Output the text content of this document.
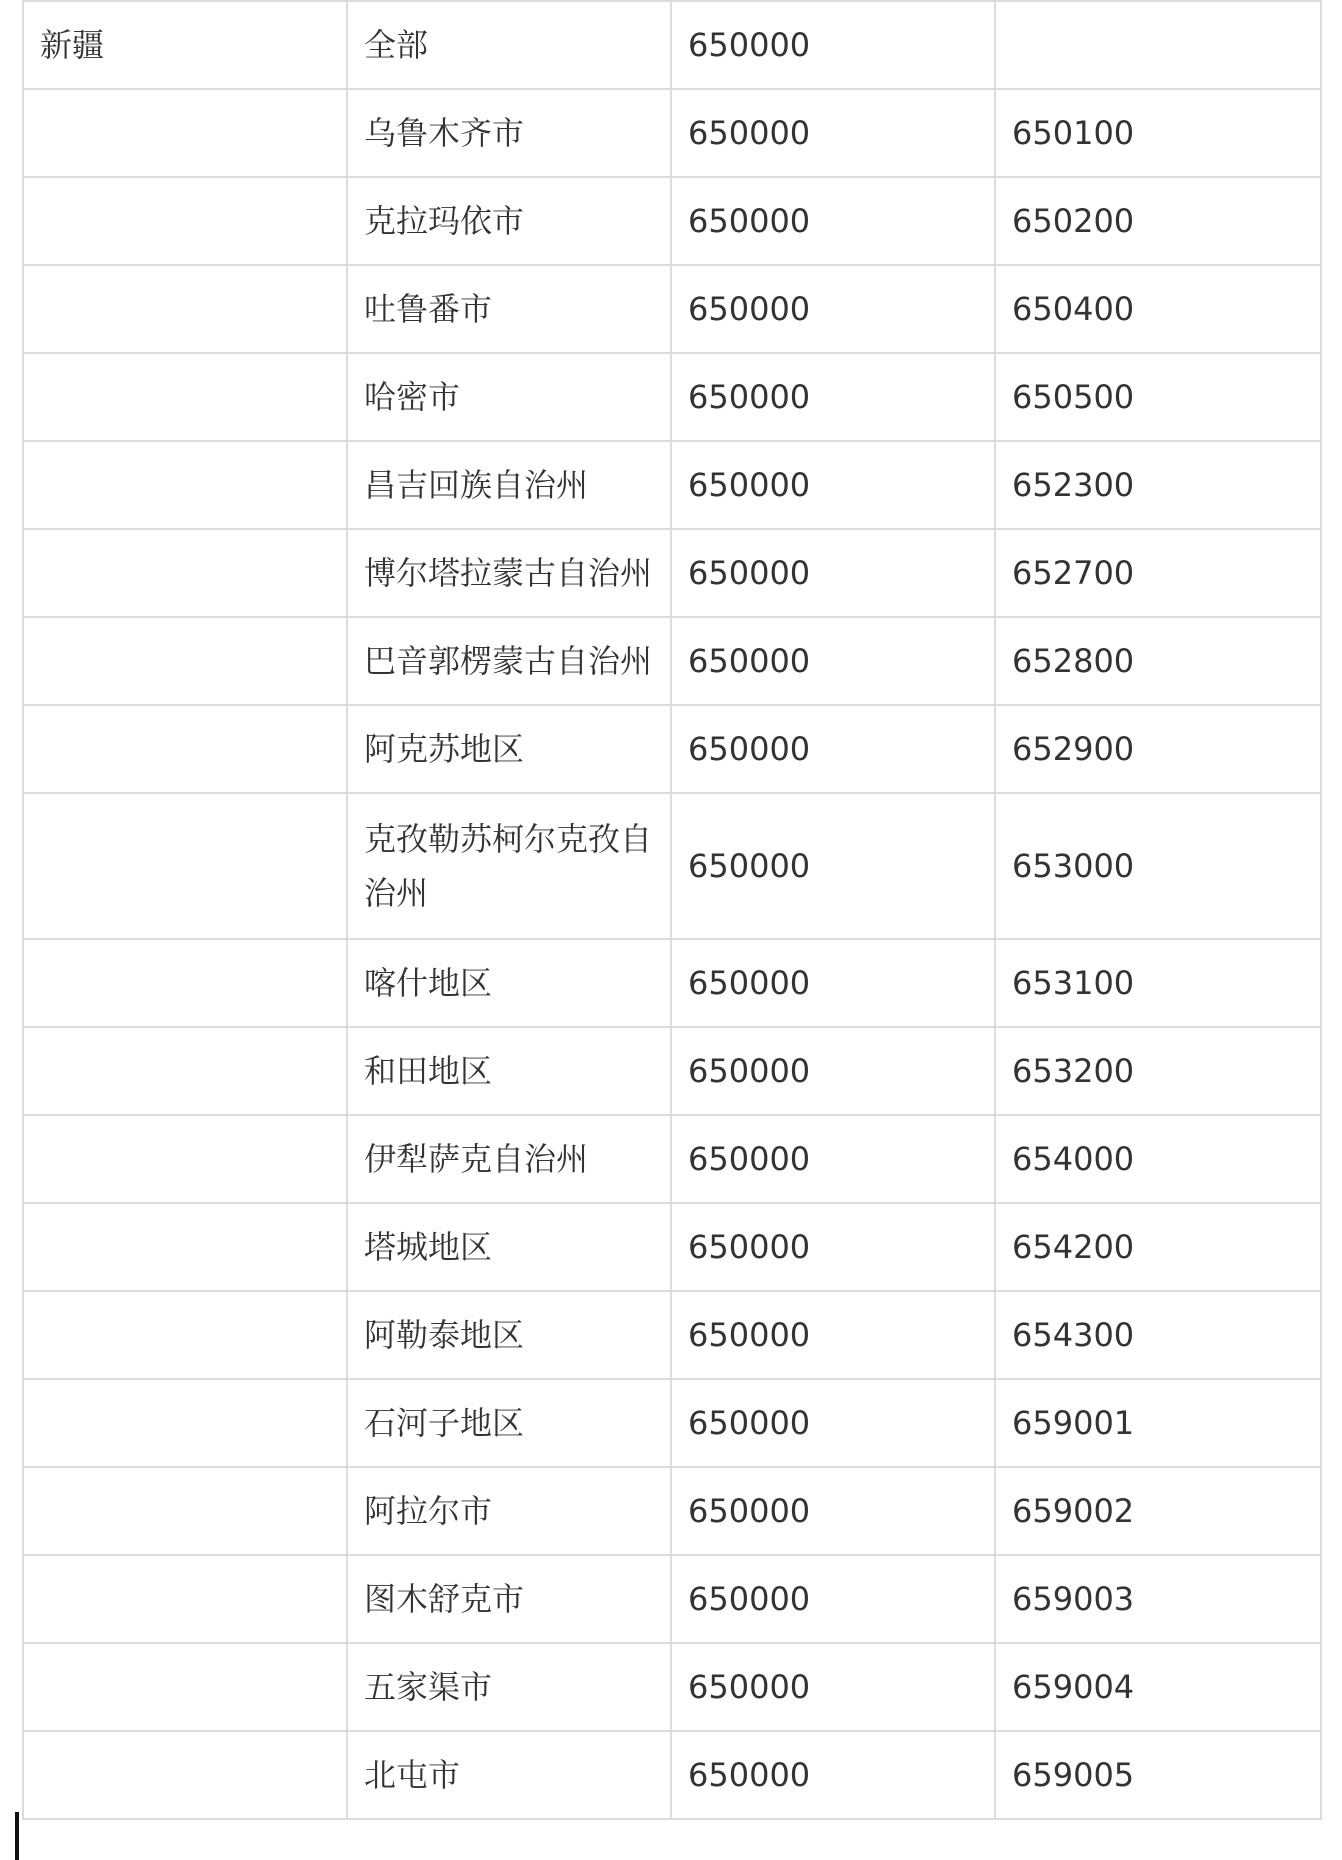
新疆	全部	650000	
	乌鲁木齐市	650000	650100
	克拉玛依市	650000	650200
	吐鲁番市	650000	650400
	哈密市	650000	650500
	昌吉回族自治州	650000	652300
	博尔塔拉蒙古自治州	650000	652700
	巴音郭楞蒙古自治州	650000	652800
	阿克苏地区	650000	652900
	克孜勒苏柯尔克孜自治州	650000	653000
	喀什地区	650000	653100
	和田地区	650000	653200
	伊犁萨克自治州	650000	654000
	塔城地区	650000	654200
	阿勒泰地区	650000	654300
	石河子地区	650000	659001
	阿拉尔市	650000	659002
	图木舒克市	650000	659003
	五家渠市	650000	659004
	北屯市	650000	659005
